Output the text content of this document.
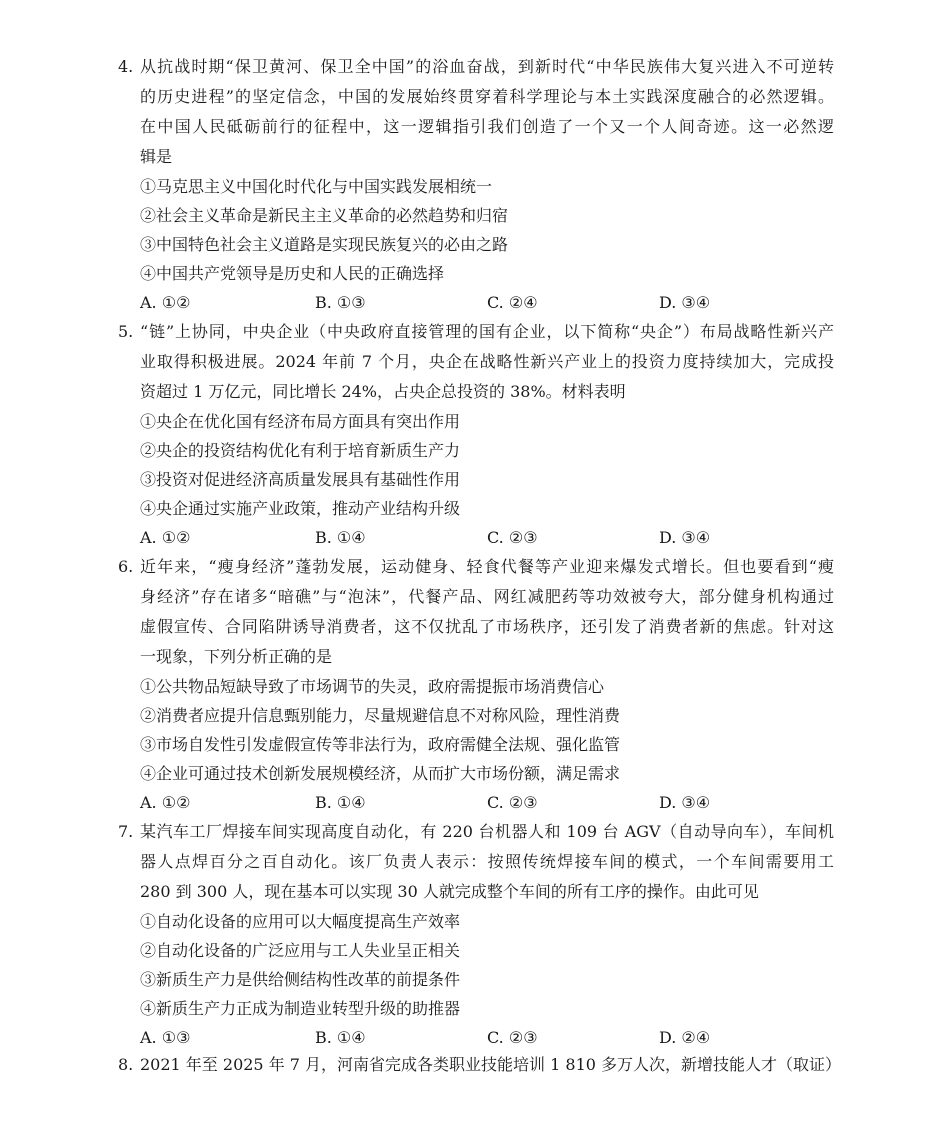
4. 从抗战时期“保卫黄河、保卫全中国”的浴血奋战，到新时代“中华民族伟大复兴进入不可逆转
的历史进程”的坚定信念，中国的发展始终贯穿着科学理论与本土实践深度融合的必然逻辑。
在中国人民砥砺前行的征程中，这一逻辑指引我们创造了一个又一个人间奇迹。这一必然逻
辑是
①马克思主义中国化时代化与中国实践发展相统一
②社会主义革命是新民主主义革命的必然趋势和归宿
③中国特色社会主义道路是实现民族复兴的必由之路
④中国共产党领导是历史和人民的正确选择
A. ①②	B. ①③	C. ②④	D. ③④
5. “链”上协同，中央企业（中央政府直接管理的国有企业，以下简称“央企”）布局战略性新兴产
业取得积极进展。2024 年前 7 个月，央企在战略性新兴产业上的投资力度持续加大，完成投
资超过 1 万亿元，同比增长 24%，占央企总投资的 38%。材料表明
①央企在优化国有经济布局方面具有突出作用
②央企的投资结构优化有利于培育新质生产力
③投资对促进经济高质量发展具有基础性作用
④央企通过实施产业政策，推动产业结构升级
A. ①②	B. ①④	C. ②③	D. ③④
6. 近年来，“瘦身经济”蓬勃发展，运动健身、轻食代餐等产业迎来爆发式增长。但也要看到“瘦
身经济”存在诸多“暗礁”与“泡沫”，代餐产品、网红减肥药等功效被夸大，部分健身机构通过
虚假宣传、合同陷阱诱导消费者，这不仅扰乱了市场秩序，还引发了消费者新的焦虑。针对这
一现象，下列分析正确的是
①公共物品短缺导致了市场调节的失灵，政府需提振市场消费信心
②消费者应提升信息甄别能力，尽量规避信息不对称风险，理性消费
③市场自发性引发虚假宣传等非法行为，政府需健全法规、强化监管
④企业可通过技术创新发展规模经济，从而扩大市场份额，满足需求
A. ①②	B. ①④	C. ②③	D. ③④
7. 某汽车工厂焊接车间实现高度自动化，有 220 台机器人和 109 台 AGV（自动导向车），车间机
器人点焊百分之百自动化。该厂负责人表示：按照传统焊接车间的模式，一个车间需要用工
280 到 300 人，现在基本可以实现 30 人就完成整个车间的所有工序的操作。由此可见
①自动化设备的应用可以大幅度提高生产效率
②自动化设备的广泛应用与工人失业呈正相关
③新质生产力是供给侧结构性改革的前提条件
④新质生产力正成为制造业转型升级的助推器
A. ①③	B. ①④	C. ②③	D. ②④
8. 2021 年至 2025 年 7 月，河南省完成各类职业技能培训 1 810 多万人次，新增技能人才（取证）
